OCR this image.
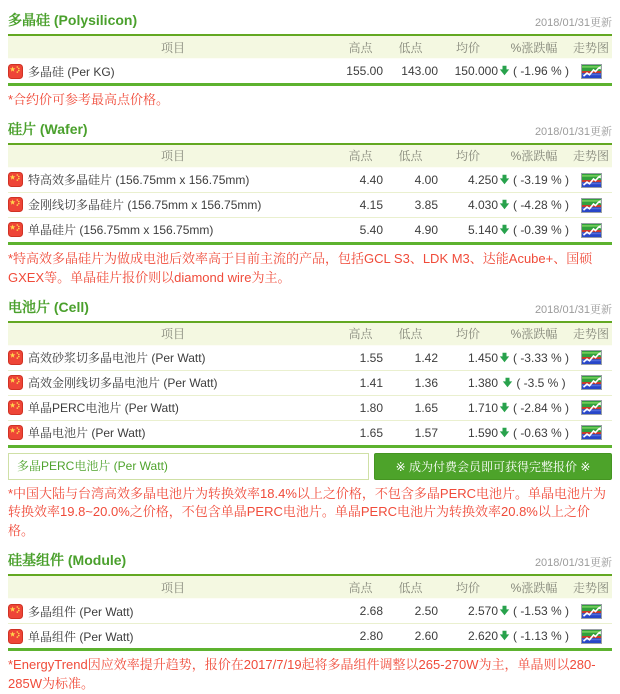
多晶硅 (Polysilicon)	2018/01/31更新
项目	高点	低点	均价	%涨跌幅	走势图
多晶硅 (Per KG)	155.00	143.00	150.000	( -1.96 % )	

*合约价可参考最高点价格。

硅片 (Wafer)	2018/01/31更新
项目	高点	低点	均价	%涨跌幅	走势图
特高效多晶硅片 (156.75mm x 156.75mm)	4.40	4.00	4.250	( -3.19 % )	
金刚线切多晶硅片 (156.75mm x 156.75mm)	4.15	3.85	4.030	( -4.28 % )	
单晶硅片 (156.75mm x 156.75mm)	5.40	4.90	5.140	( -0.39 % )	

*特高效多晶硅片为做成电池后效率高于目前主流的产品，包括GCL S3、LDK M3、达能Acube+、国硕GXEX等。单晶硅片报价则以diamond wire为主。

电池片 (Cell)	2018/01/31更新
项目	高点	低点	均价	%涨跌幅	走势图
高效砂浆切多晶电池片 (Per Watt)	1.55	1.42	1.450	( -3.33 % )	
高效金刚线切多晶电池片 (Per Watt)	1.41	1.36	1.380	( -3.5 % )	
单晶PERC电池片 (Per Watt)	1.80	1.65	1.710	( -2.84 % )	
单晶电池片 (Per Watt)	1.65	1.57	1.590	( -0.63 % )	
多晶PERC电池片 (Per Watt)	※ 成为付费会员即可获得完整报价 ※

*中国大陆与台湾高效多晶电池片为转换效率18.4%以上之价格，不包含多晶PERC电池片。单晶电池片为转换效率19.8~20.0%之价格，不包含单晶PERC电池片。单晶PERC电池片为转换效率20.8%以上之价格。

硅基组件 (Module)	2018/01/31更新
项目	高点	低点	均价	%涨跌幅	走势图
多晶组件 (Per Watt)	2.68	2.50	2.570	( -1.53 % )	
单晶组件 (Per Watt)	2.80	2.60	2.620	( -1.13 % )	

*EnergyTrend因应效率提升趋势，报价在2017/7/19起将多晶组件调整以265-270W为主，单晶则以280-285W为标准。
